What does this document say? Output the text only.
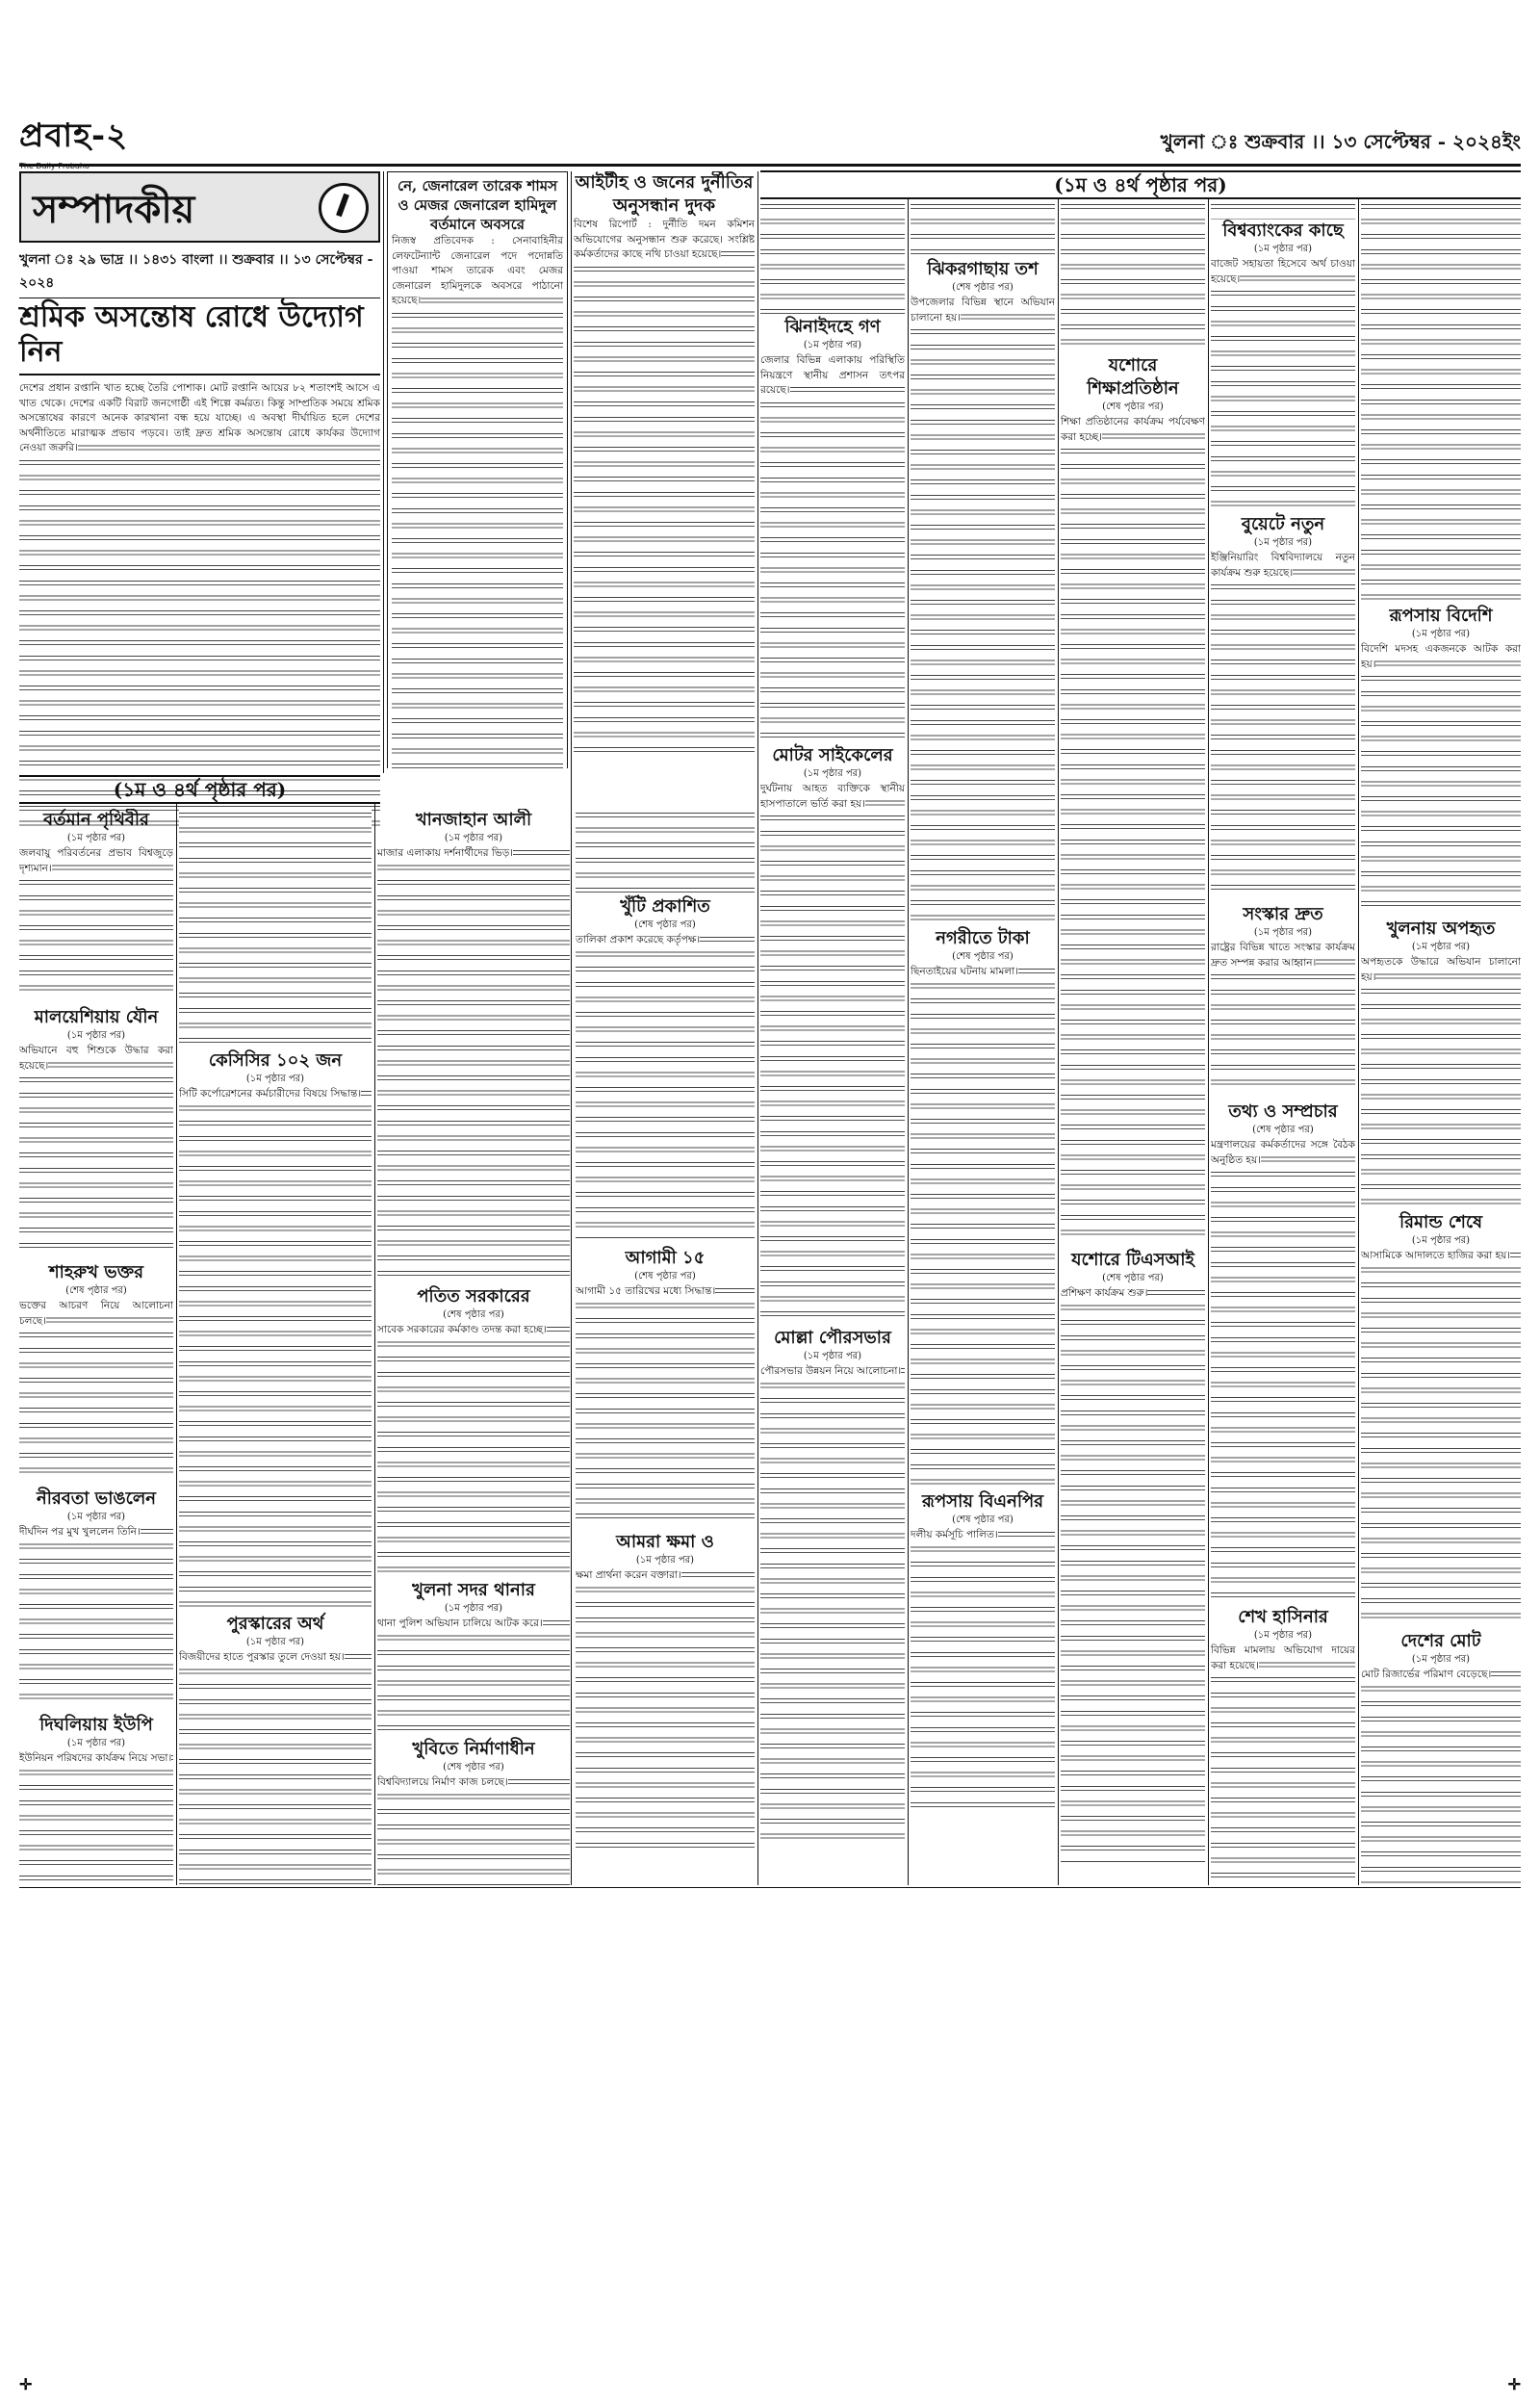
প্রবাহ-২	খুলনা ঃ শুক্রবার ।। ১৩ সেপ্টেম্বর - ২০২৪ইং
(১ম ও ৪র্থ পৃষ্ঠার পর)
সম্পাদকীয়
খুলনা ঃ ২৯ ভাদ্র ।। ১৪৩১ বাংলা ।। শুক্রবার ।। ১৩ সেপ্টেম্বর - ২০২৪
শ্রমিক অসন্তোষ রোধে উদ্যোগ নিন
দেশের প্রধান রপ্তানি খাত হচ্ছে তৈরি পোশাক। মোট রপ্তানি আয়ের ৮২ শতাংশই আসে এ খাত থেকে। দেশের একটি বিরাট জনগোষ্ঠী এই শিল্পে কর্মরত। কিন্তু সাম্প্রতিক সময়ে শ্রমিক অসন্তোষের কারণে অনেক কারখানা বন্ধ হয়ে যাচ্ছে। এ অবস্থা দীর্ঘায়িত হলে দেশের অর্থনীতিতে মারাত্মক প্রভাব পড়বে। তাই দ্রুত শ্রমিক অসন্তোষ রোধে কার্যকর উদ্যোগ নেওয়া জরুরি।
নে, জেনারেল তারেক শামস ও মেজর জেনারেল হামিদুল বর্তমানে অবসরে
নিজস্ব প্রতিবেদক : সেনাবাহিনীর লেফটেন্যান্ট জেনারেল পদে পদোন্নতি পাওয়া শামস তারেক এবং মেজর জেনারেল হামিদুলকে অবসরে পাঠানো হয়েছে।
আইটীহ ও জনের দুর্নীতির অনুসন্ধান দুদক
বিশেষ রিপোর্ট : দুর্নীতি দমন কমিশন অভিযোগের অনুসন্ধান শুরু করেছে। সংশ্লিষ্ট কর্মকর্তাদের কাছে নথি চাওয়া হয়েছে।
ঝিনাইদহে গণ
(১ম পৃষ্ঠার পর)
জেলার বিভিন্ন এলাকায় পরিস্থিতি নিয়ন্ত্রণে স্থানীয় প্রশাসন তৎপর রয়েছে।
মোটর সাইকেলের
(১ম পৃষ্ঠার পর)
দুর্ঘটনায় আহত ব্যক্তিকে স্থানীয় হাসপাতালে ভর্তি করা হয়।
মোল্লা পৌরসভার
(১ম পৃষ্ঠার পর)
পৌরসভার উন্নয়ন নিয়ে আলোচনা।
ঝিকরগাছায় তশ
(শেষ পৃষ্ঠার পর)
উপজেলার বিভিন্ন স্থানে অভিযান চালানো হয়।
নগরীতে টাকা
(শেষ পৃষ্ঠার পর)
ছিনতাইয়ের ঘটনায় মামলা।
রূপসায় বিএনপির
(শেষ পৃষ্ঠার পর)
দলীয় কর্মসূচি পালিত।
যশোরে শিক্ষাপ্রতিষ্ঠান
(শেষ পৃষ্ঠার পর)
শিক্ষা প্রতিষ্ঠানের কার্যক্রম পর্যবেক্ষণ করা হচ্ছে।
যশোরে টিএসআই
(শেষ পৃষ্ঠার পর)
প্রশিক্ষণ কার্যক্রম শুরু।
বিশ্বব্যাংকের কাছে
(১ম পৃষ্ঠার পর)
বাজেট সহায়তা হিসেবে অর্থ চাওয়া হয়েছে।
বুয়েটে নতুন
(১ম পৃষ্ঠার পর)
ইঞ্জিনিয়ারিং বিশ্ববিদ্যালয়ে নতুন কার্যক্রম শুরু হয়েছে।
সংস্কার দ্রুত
(১ম পৃষ্ঠার পর)
রাষ্ট্রের বিভিন্ন খাতে সংস্কার কার্যক্রম দ্রুত সম্পন্ন করার আহ্বান।
তথ্য ও সম্প্রচার
(শেষ পৃষ্ঠার পর)
মন্ত্রণালয়ের কর্মকর্তাদের সঙ্গে বৈঠক অনুষ্ঠিত হয়।
শেখ হাসিনার
(১ম পৃষ্ঠার পর)
বিভিন্ন মামলায় অভিযোগ দায়ের করা হয়েছে।
রূপসায় বিদেশি
(১ম পৃষ্ঠার পর)
বিদেশি মদসহ একজনকে আটক করা হয়।
খুলনায় অপহৃত
(১ম পৃষ্ঠার পর)
অপহৃতকে উদ্ধারে অভিযান চালানো হয়।
রিমান্ড শেষে
(১ম পৃষ্ঠার পর)
আসামিকে আদালতে হাজির করা হয়।
দেশের মোট
(১ম পৃষ্ঠার পর)
মোট রিজার্ভের পরিমাণ বেড়েছে।
(১ম ও ৪র্থ পৃষ্ঠার পর)
বর্তমান পৃথিবীর
(১ম পৃষ্ঠার পর)
জলবায়ু পরিবর্তনের প্রভাব বিশ্বজুড়ে দৃশ্যমান।
মালয়েশিয়ায় যৌন
(১ম পৃষ্ঠার পর)
অভিযানে বহু শিশুকে উদ্ধার করা হয়েছে।
শাহরুখ ভক্তর
(শেষ পৃষ্ঠার পর)
ভক্তের আচরণ নিয়ে আলোচনা চলছে।
নীরবতা ভাঙলেন
(১ম পৃষ্ঠার পর)
দীর্ঘদিন পর মুখ খুললেন তিনি।
দিঘলিয়ায় ইউপি
(১ম পৃষ্ঠার পর)
ইউনিয়ন পরিষদের কার্যক্রম নিয়ে সভা।
কেসিসির ১০২ জন
(১ম পৃষ্ঠার পর)
সিটি কর্পোরেশনের কর্মচারীদের বিষয়ে সিদ্ধান্ত।
পুরস্কারের অর্থ
(১ম পৃষ্ঠার পর)
বিজয়ীদের হাতে পুরস্কার তুলে দেওয়া হয়।
খানজাহান আলী
(১ম পৃষ্ঠার পর)
মাজার এলাকায় দর্শনার্থীদের ভিড়।
পতিত সরকারের
(শেষ পৃষ্ঠার পর)
সাবেক সরকারের কর্মকাণ্ড তদন্ত করা হচ্ছে।
খুলনা সদর থানার
(১ম পৃষ্ঠার পর)
থানা পুলিশ অভিযান চালিয়ে আটক করে।
খুবিতে নির্মাণাধীন
(শেষ পৃষ্ঠার পর)
বিশ্ববিদ্যালয়ে নির্মাণ কাজ চলছে।
খুঁটি প্রকাশিত
(শেষ পৃষ্ঠার পর)
তালিকা প্রকাশ করেছে কর্তৃপক্ষ।
আগামী ১৫
(শেষ পৃষ্ঠার পর)
আগামী ১৫ তারিখের মধ্যে সিদ্ধান্ত।
আমরা ক্ষমা ও
(১ম পৃষ্ঠার পর)
ক্ষমা প্রার্থনা করেন বক্তারা।
✛	✛
